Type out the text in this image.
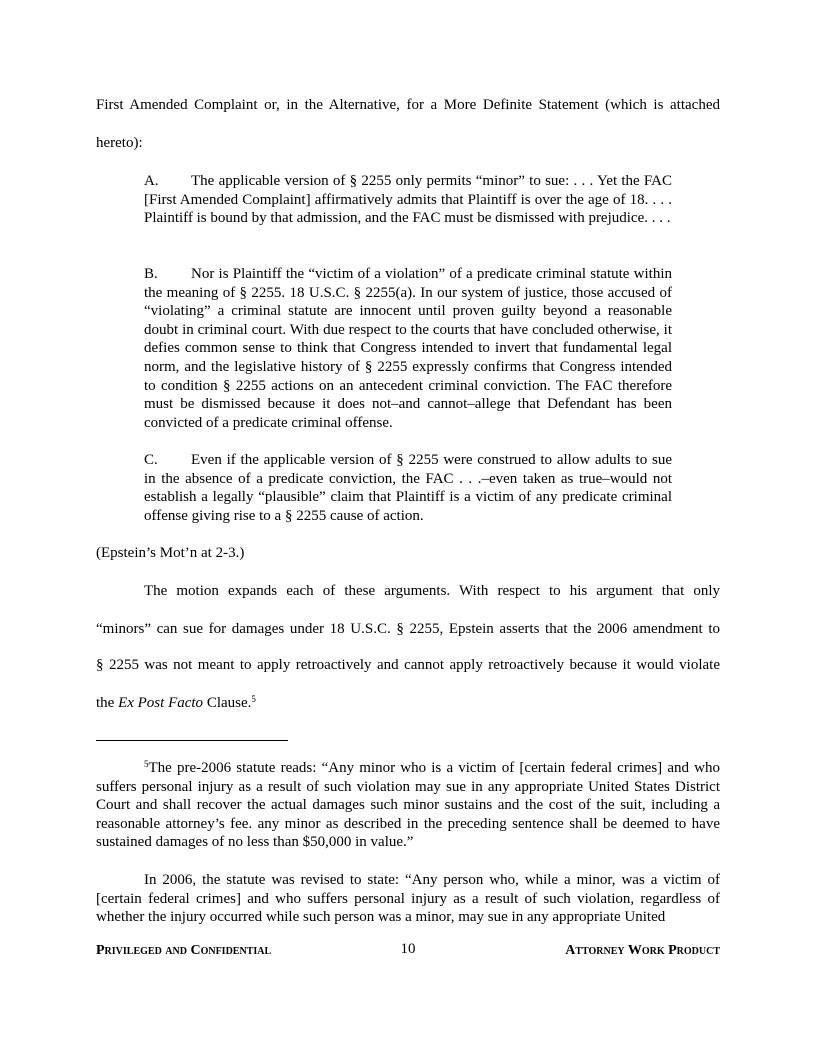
First Amended Complaint or, in the Alternative, for a More Definite Statement (which is attached
hereto):
A. The applicable version of § 2255 only permits “minor” to sue: . . . Yet the FAC [First Amended Complaint] affirmatively admits that Plaintiff is over the age of 18. . . . Plaintiff is bound by that admission, and the FAC must be dismissed with prejudice. . . .
B. Nor is Plaintiff the “victim of a violation” of a predicate criminal statute within the meaning of § 2255. 18 U.S.C. § 2255(a). In our system of justice, those accused of “violating” a criminal statute are innocent until proven guilty beyond a reasonable doubt in criminal court. With due respect to the courts that have concluded otherwise, it defies common sense to think that Congress intended to invert that fundamental legal norm, and the legislative history of § 2255 expressly confirms that Congress intended to condition § 2255 actions on an antecedent criminal conviction. The FAC therefore must be dismissed because it does not–and cannot–allege that Defendant has been convicted of a predicate criminal offense.
C. Even if the applicable version of § 2255 were construed to allow adults to sue in the absence of a predicate conviction, the FAC . . .–even taken as true–would not establish a legally “plausible” claim that Plaintiff is a victim of any predicate criminal offense giving rise to a § 2255 cause of action.
(Epstein’s Mot’n at 2-3.)
The motion expands each of these arguments. With respect to his argument that only
“minors” can sue for damages under 18 U.S.C. § 2255, Epstein asserts that the 2006 amendment to
§ 2255 was not meant to apply retroactively and cannot apply retroactively because it would violate
the Ex Post Facto Clause.$^5$
$^5$The pre-2006 statute reads: “Any minor who is a victim of [certain federal crimes] and who suffers personal injury as a result of such violation may sue in any appropriate United States District Court and shall recover the actual damages such minor sustains and the cost of the suit, including a reasonable attorney’s fee. any minor as described in the preceding sentence shall be deemed to have sustained damages of no less than $50,000 in value.”
In 2006, the statute was revised to state: “Any person who, while a minor, was a victim of [certain federal crimes] and who suffers personal injury as a result of such violation, regardless of whether the injury occurred while such person was a minor, may sue in any appropriate United
Privileged and Confidential	10	Attorney Work Product
